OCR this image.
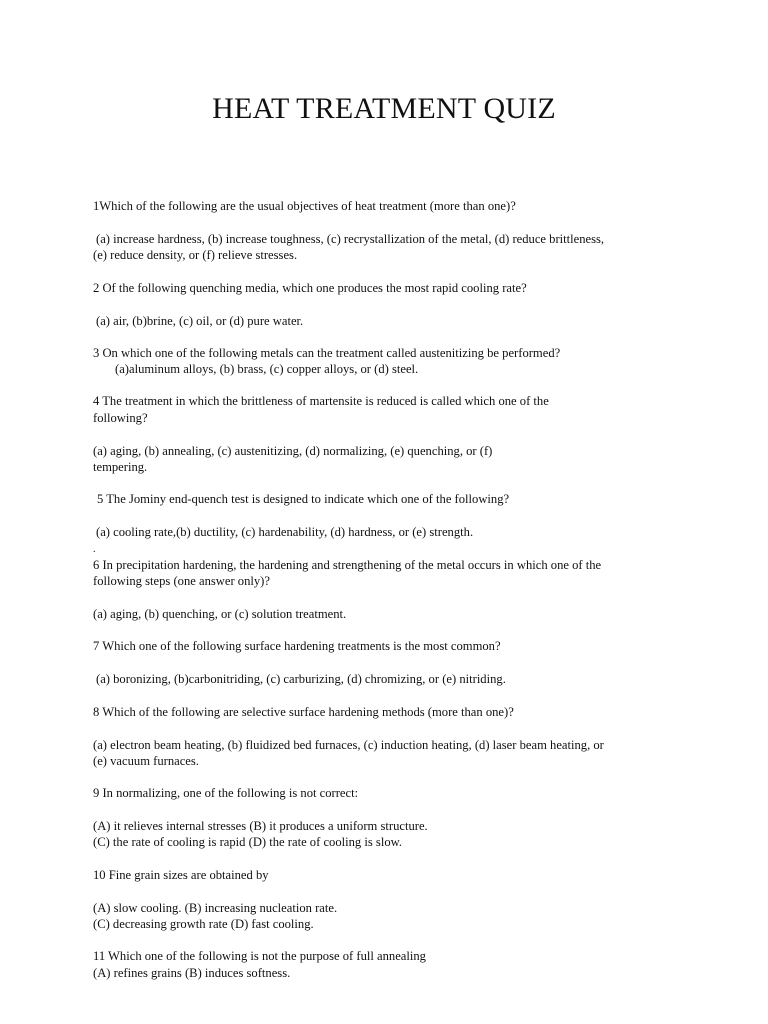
HEAT TREATMENT QUIZ

1Which of the following are the usual objectives of heat treatment (more than one)?

(a) increase hardness, (b) increase toughness, (c) recrystallization of the metal, (d) reduce brittleness,

(e) reduce density, or (f) relieve stresses.

2 Of the following quenching media, which one produces the most rapid cooling rate?

(a) air, (b)brine, (c) oil, or (d) pure water.

3 On which one of the following metals can the treatment called austenitizing be performed?

(a)aluminum alloys, (b) brass, (c) copper alloys, or (d) steel.

4 The treatment in which the brittleness of martensite is reduced is called which one of the

following?

(a) aging, (b) annealing, (c) austenitizing, (d) normalizing, (e) quenching, or (f)

tempering.

5 The Jominy end-quench test is designed to indicate which one of the following?

(a) cooling rate,(b) ductility, (c) hardenability, (d) hardness, or (e) strength.

.

6 In precipitation hardening, the hardening and strengthening of the metal occurs in which one of the

following steps (one answer only)?

(a) aging, (b) quenching, or (c) solution treatment.

7 Which one of the following surface hardening treatments is the most common?

(a) boronizing, (b)carbonitriding, (c) carburizing, (d) chromizing, or (e) nitriding.

8 Which of the following are selective surface hardening methods (more than one)?

(a) electron beam heating, (b) fluidized bed furnaces, (c) induction heating, (d) laser beam heating, or

(e) vacuum furnaces.

9 In normalizing, one of the following is not correct:

(A) it relieves internal stresses (B) it produces a uniform structure.

(C) the rate of cooling is rapid (D) the rate of cooling is slow.

10 Fine grain sizes are obtained by

(A) slow cooling. (B) increasing nucleation rate.

(C) decreasing growth rate (D) fast cooling.

11 Which one of the following is not the purpose of full annealing

(A) refines grains (B) induces softness.
